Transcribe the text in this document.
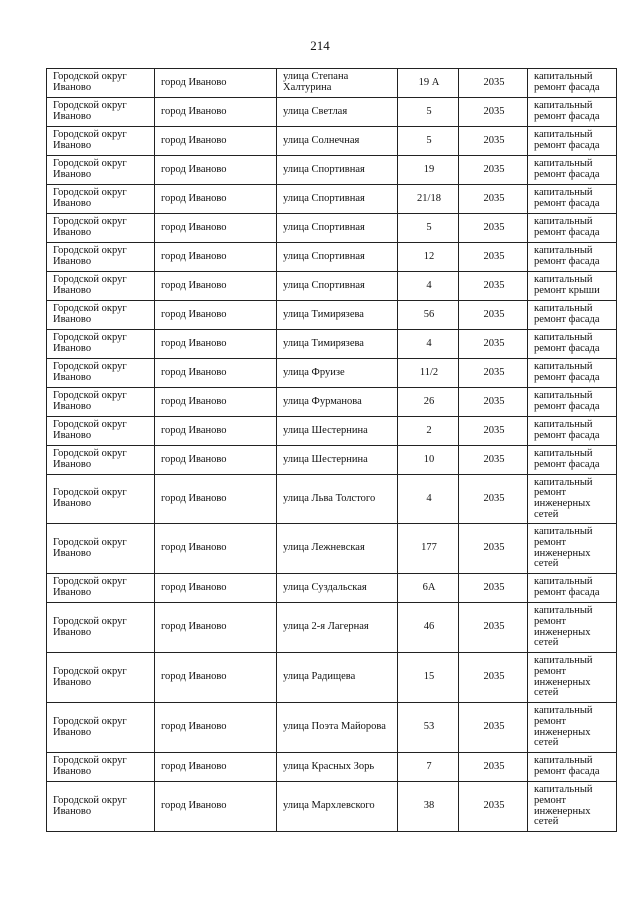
214
Городской округ Иваново	город Иваново	улица Степана Халтурина	19 А	2035	капитальный ремонт фасада
Городской округ Иваново	город Иваново	улица Светлая	5	2035	капитальный ремонт фасада
Городской округ Иваново	город Иваново	улица Солнечная	5	2035	капитальный ремонт фасада
Городской округ Иваново	город Иваново	улица Спортивная	19	2035	капитальный ремонт фасада
Городской округ Иваново	город Иваново	улица Спортивная	21/18	2035	капитальный ремонт фасада
Городской округ Иваново	город Иваново	улица Спортивная	5	2035	капитальный ремонт фасада
Городской округ Иваново	город Иваново	улица Спортивная	12	2035	капитальный ремонт фасада
Городской округ Иваново	город Иваново	улица Спортивная	4	2035	капитальный ремонт крыши
Городской округ Иваново	город Иваново	улица Тимирязева	56	2035	капитальный ремонт фасада
Городской округ Иваново	город Иваново	улица Тимирязева	4	2035	капитальный ремонт фасада
Городской округ Иваново	город Иваново	улица Фруизе	11/2	2035	капитальный ремонт фасада
Городской округ Иваново	город Иваново	улица Фурманова	26	2035	капитальный ремонт фасада
Городской округ Иваново	город Иваново	улица Шестернина	2	2035	капитальный ремонт фасада
Городской округ Иваново	город Иваново	улица Шестернина	10	2035	капитальный ремонт фасада
Городской округ Иваново	город Иваново	улица Льва Толстого	4	2035	капитальный ремонт инженерных сетей
Городской округ Иваново	город Иваново	улица Лежневская	177	2035	капитальный ремонт инженерных сетей
Городской округ Иваново	город Иваново	улица Суздальская	6А	2035	капитальный ремонт фасада
Городской округ Иваново	город Иваново	улица 2-я Лагерная	46	2035	капитальный ремонт инженерных сетей
Городской округ Иваново	город Иваново	улица Радищева	15	2035	капитальный ремонт инженерных сетей
Городской округ Иваново	город Иваново	улица Поэта Майорова	53	2035	капитальный ремонт инженерных сетей
Городской округ Иваново	город Иваново	улица Красных Зорь	7	2035	капитальный ремонт фасада
Городской округ Иваново	город Иваново	улица Мархлевского	38	2035	капитальный ремонт инженерных сетей
